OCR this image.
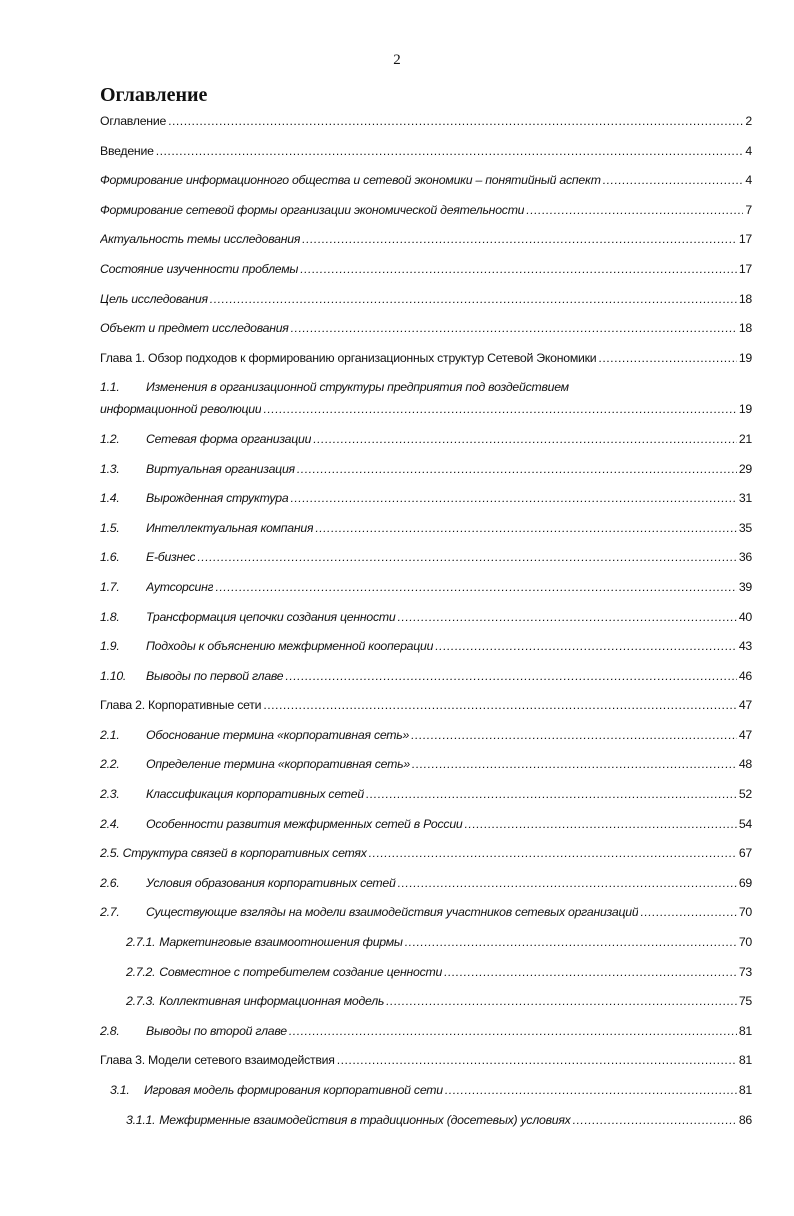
2
Оглавление
Оглавление .....	2
Введение .....	4
Формирование информационного общества и сетевой экономики – понятийный аспект .....	4
Формирование сетевой формы организации экономической деятельности .....	7
Актуальность темы исследования .....	17
Состояние изученности проблемы .....	17
Цель исследования .....	18
Объект и предмет исследования .....	18
Глава 1. Обзор подходов к формированию организационных структур Сетевой Экономики .....	19
1.1.	Изменения в организационной структуры предприятия под воздействием
информационной революции .....	19
1.2.	Сетевая форма организации .....	21
1.3.	Виртуальная организация .....	29
1.4.	Вырожденная структура .....	31
1.5.	Интеллектуальная компания .....	35
1.6.	Е-бизнес .....	36
1.7.	Аутсорсинг .....	39
1.8.	Трансформация цепочки создания ценности .....	40
1.9.	Подходы к объяснению межфирменной кооперации .....	43
1.10.	Выводы по первой главе .....	46
Глава 2. Корпоративные сети .....	47
2.1.	Обоснование термина «корпоративная сеть» .....	47
2.2.	Определение термина «корпоративная сеть» .....	48
2.3.	Классификация корпоративных сетей .....	52
2.4.	Особенности развития межфирменных сетей в России .....	54
2.5. Структура связей в корпоративных сетях .....	67
2.6.	Условия образования корпоративных сетей .....	69
2.7.	Существующие взгляды на модели взаимодействия участников сетевых организаций .....	70
2.7.1. Маркетинговые взаимоотношения фирмы .....	70
2.7.2. Совместное с потребителем создание ценности .....	73
2.7.3. Коллективная информационная модель .....	75
2.8.	Выводы по второй главе .....	81
Глава 3. Модели сетевого взаимодействия .....	81
3.1.	Игровая модель формирования корпоративной сети .....	81
3.1.1. Межфирменные взаимодействия в традиционных (досетевых) условиях .....	86
